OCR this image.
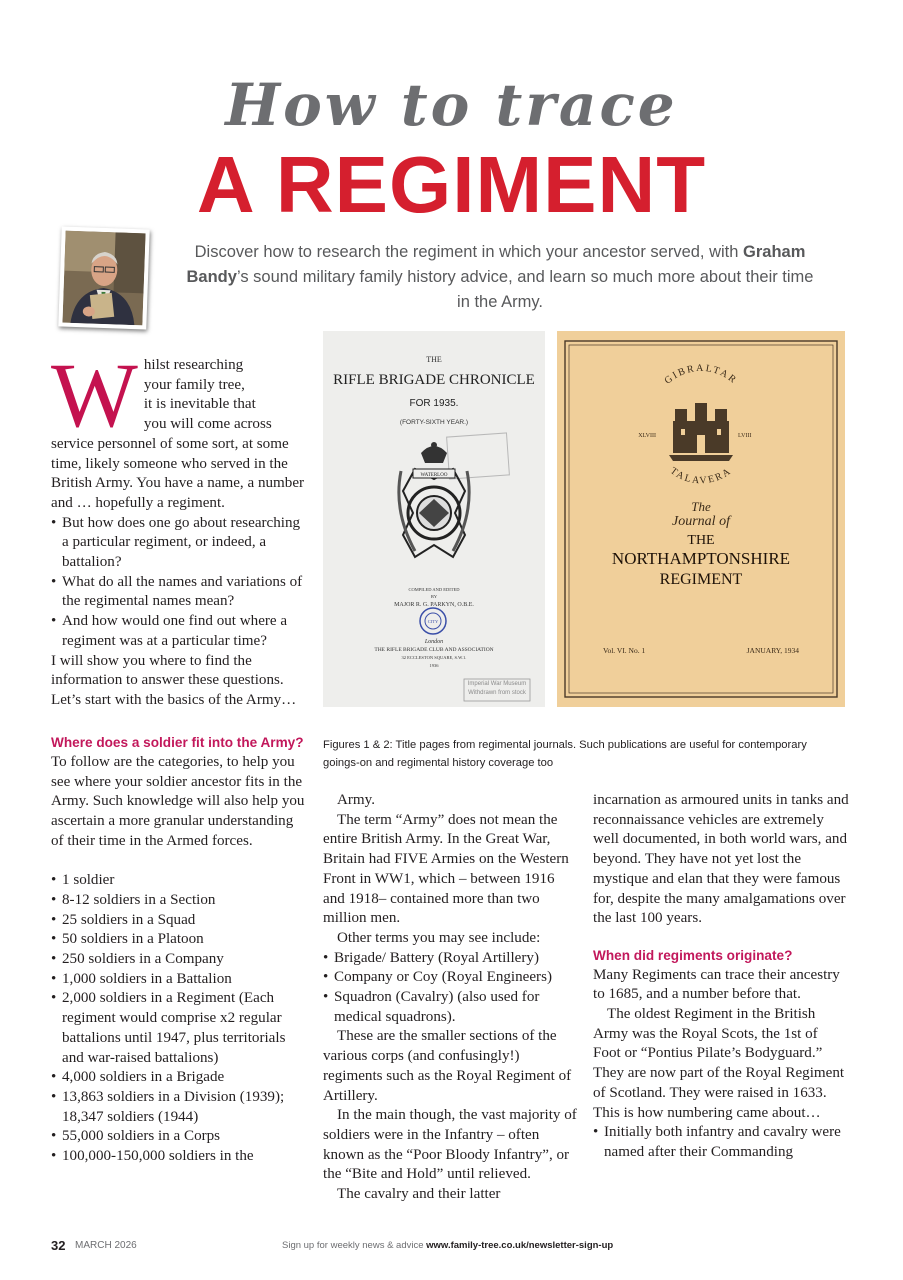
How to trace
A REGIMENT
Discover how to research the regiment in which your ancestor served, with Graham Bandy’s sound military family history advice, and learn so much more about their time in the Army.
W hilst researching
your family tree,
it is inevitable that
you will come across

service personnel of some sort, at some time, likely someone who served in the British Army. You have a name, a number and … hopefully a regiment.

• But how does one go about researching a particular regiment, or indeed, a battalion?
• What do all the names and variations of the regimental names mean?
• And how would one find out where a regiment was at a particular time?

I will show you where to find the information to answer these questions. Let’s start with the basics of the Army…

Where does a soldier fit into the Army?

To follow are the categories, to help you see where your soldier ancestor fits in the Army. Such knowledge will also help you ascertain a more granular understanding of their time in the Armed forces.

• 1 soldier
• 8-12 soldiers in a Section
• 25 soldiers in a Squad
• 50 soldiers in a Platoon
• 250 soldiers in a Company
• 1,000 soldiers in a Battalion
• 2,000 soldiers in a Regiment (Each regiment would comprise x2 regular battalions until 1947, plus territorials and war-raised battalions)
• 4,000 soldiers in a Brigade
• 13,863 soldiers in a Division (1939); 18,347 soldiers (1944)
• 55,000 soldiers in a Corps
• 100,000-150,000 soldiers in the
THE
RIFLE BRIGADE CHRONICLE
FOR 1935.
(FORTY-SIXTH YEAR.)
WATERLOO
COMPILED AND EDITED
BY
MAJOR R. G. PARKYN, O.B.E.
CITY
London
THE RIFLE BRIGADE CLUB AND ASSOCIATION
32 ECCLESTON SQUARE, S.W.1.
1936
Imperial War Museum Withdrawn from stock
GIBRALTAR
TALAVERA
XLVIII	LVIII
The
Journal of
THE
NORTHAMPTONSHIRE
REGIMENT
Vol. VI. No. 1	JANUARY, 1934
Figures 1 & 2: Title pages from regimental journals. Such publications are useful for contemporary goings-on and regimental history coverage too

Army.

The term “Army” does not mean the entire British Army. In the Great War, Britain had FIVE Armies on the Western Front in WW1, which – between 1916 and 1918– contained more than two million men.

Other terms you may see include:

• Brigade/ Battery (Royal Artillery)
• Company or Coy (Royal Engineers)
• Squadron (Cavalry) (also used for medical squadrons).

These are the smaller sections of the various corps (and confusingly!) regiments such as the Royal Regiment of Artillery.

In the main though, the vast majority of soldiers were in the Infantry – often known as the “Poor Bloody Infantry”, or the “Bite and Hold” until relieved.

The cavalry and their latter

incarnation as armoured units in tanks and reconnaissance vehicles are extremely well documented, in both world wars, and beyond. They have not yet lost the mystique and elan that they were famous for, despite the many amalgamations over the last 100 years.

When did regiments originate?

Many Regiments can trace their ancestry to 1685, and a number before that.

The oldest Regiment in the British Army was the Royal Scots, the 1st of Foot or “Pontius Pilate’s Bodyguard.” They are now part of the Royal Regiment of Scotland. They were raised in 1633. This is how numbering came about…

• Initially both infantry and cavalry were named after their Commanding
32 MARCH 2026	Sign up for weekly news & advice www.family-tree.co.uk/newsletter-sign-up
